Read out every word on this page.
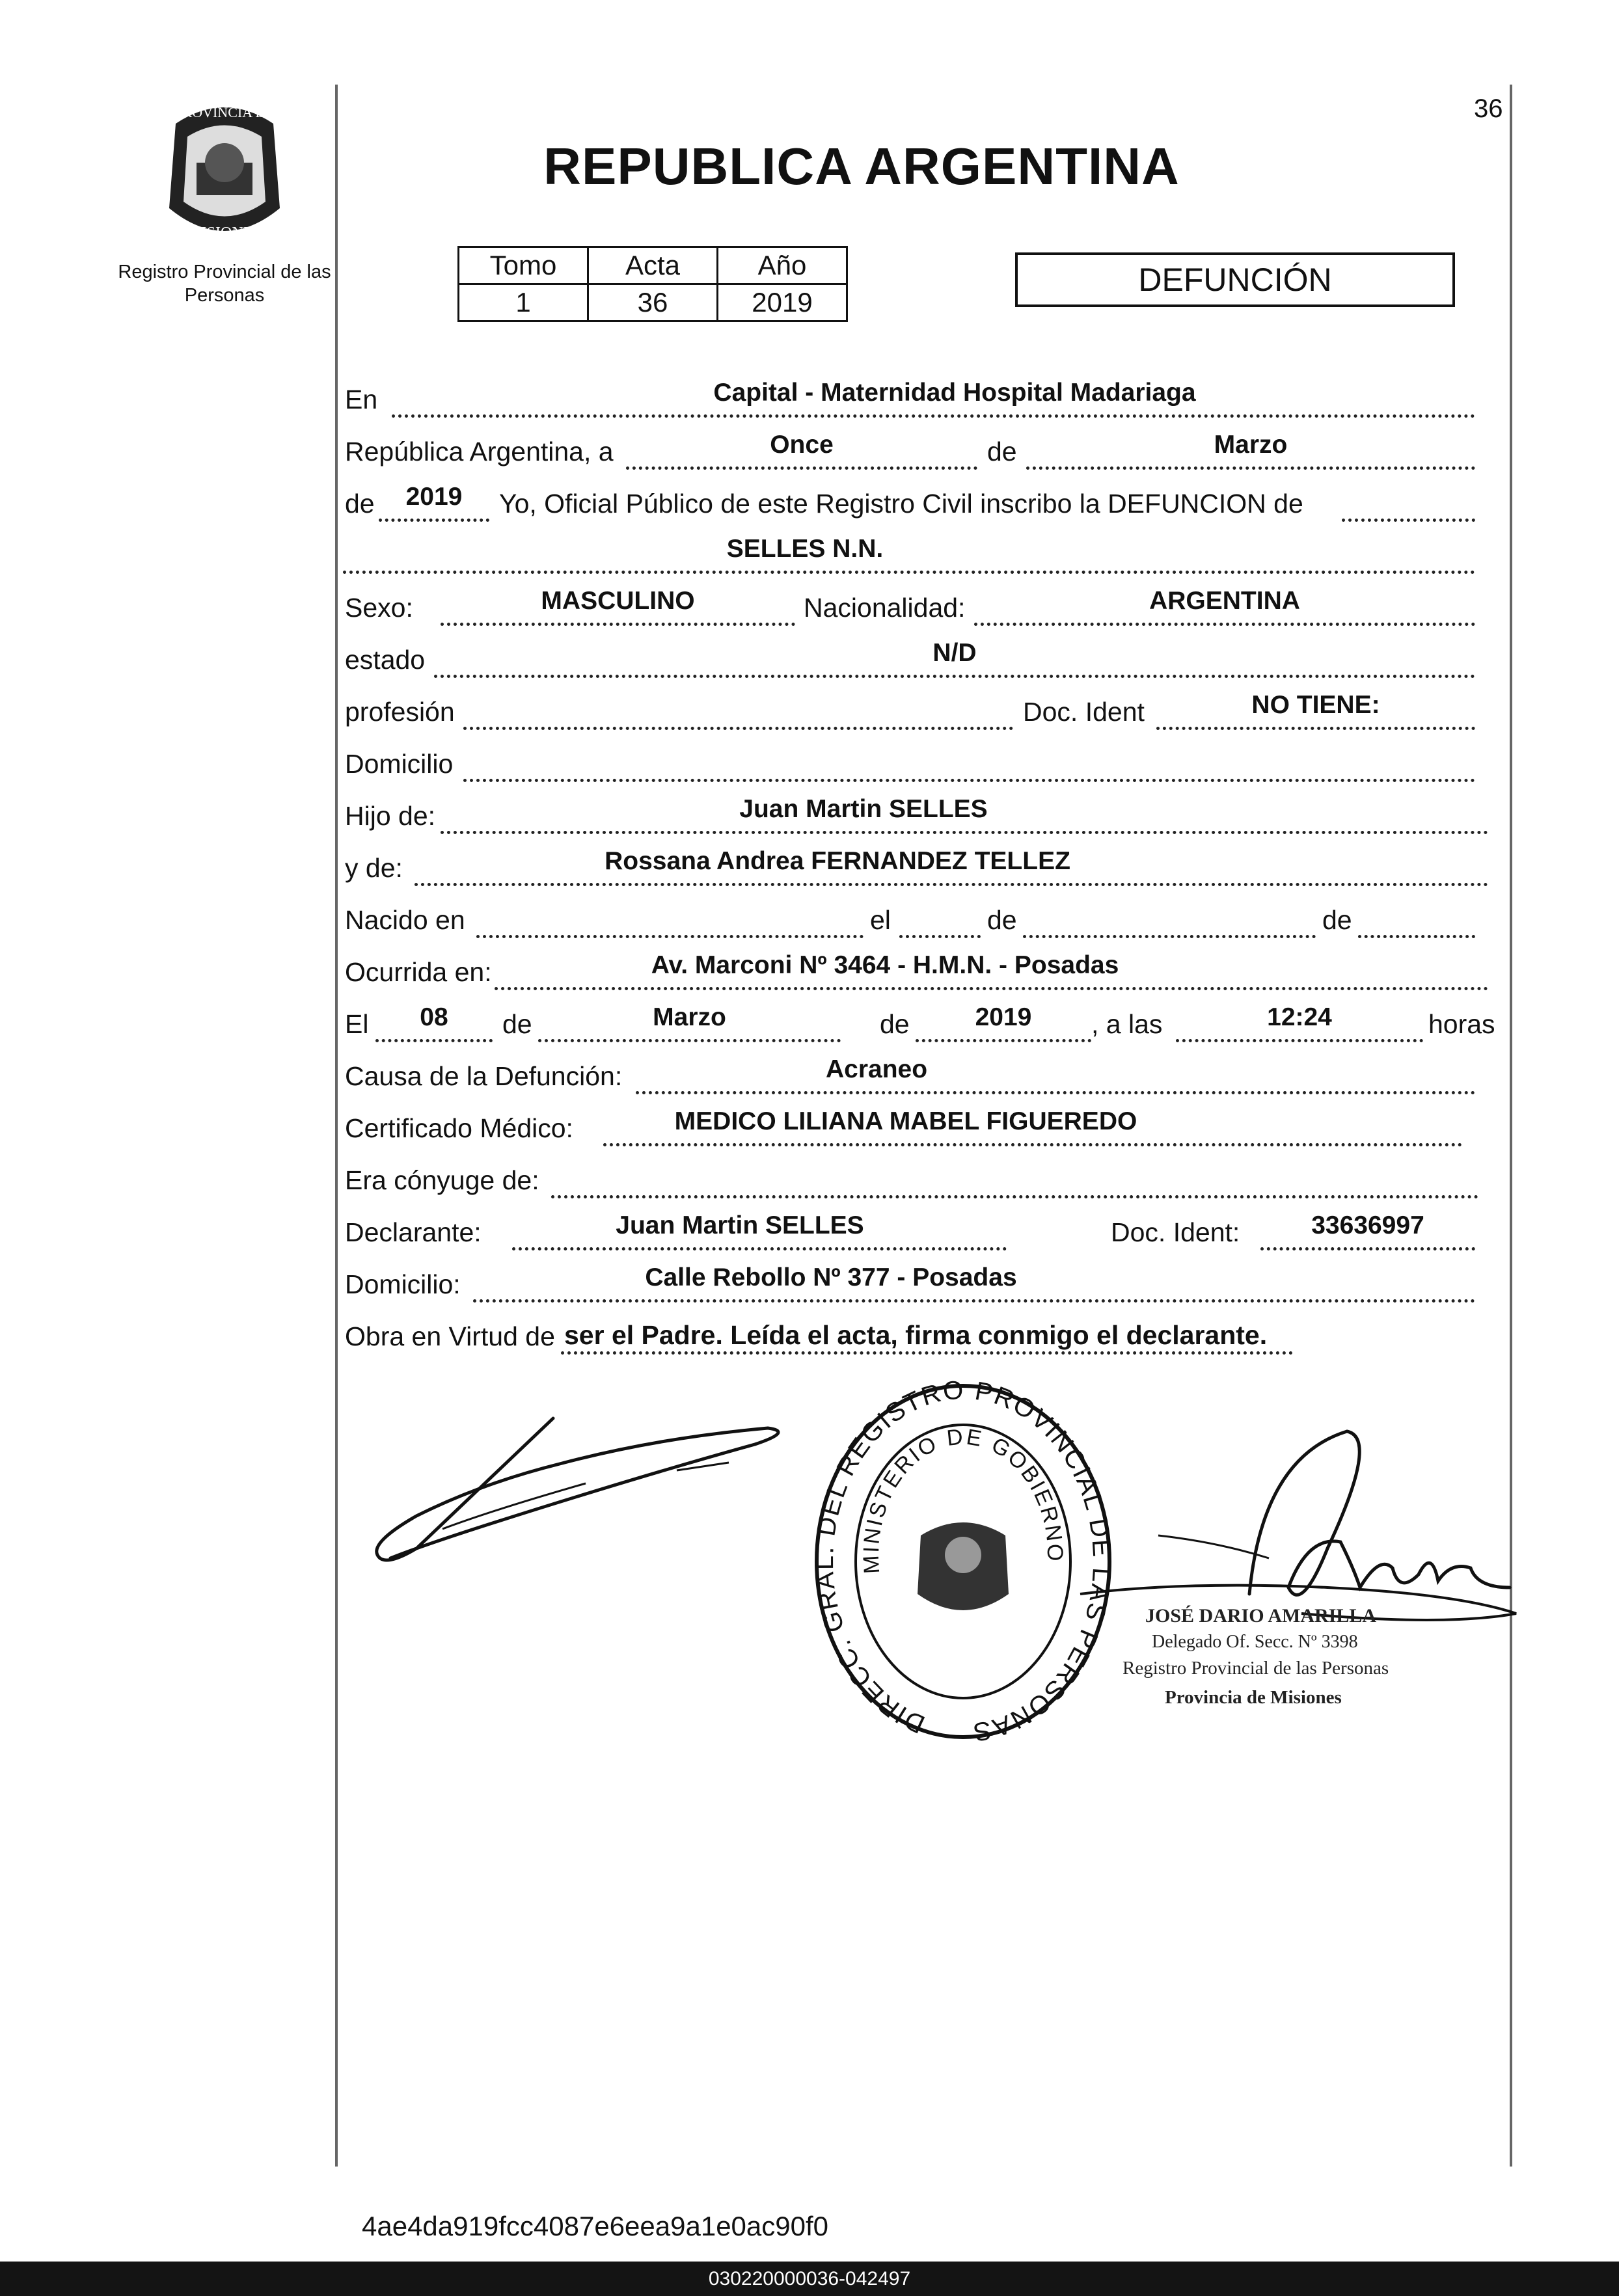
36
PROVINCIA DE
MISIONES
Registro Provincial de las Personas
REPUBLICA ARGENTINA
Tomo	Acta	Año
1	36	2019
DEFUNCIÓN
En	Capital - Maternidad Hospital Madariaga
República Argentina, a	Once	de	Marzo
de	2019	Yo, Oficial Público de este Registro Civil inscribo la DEFUNCION de
SELLES N.N.
Sexo:	MASCULINO	Nacionalidad:	ARGENTINA
estado	N/D
profesión	Doc. Ident	NO TIENE:
Domicilio
Hijo de:	Juan Martin SELLES
y de:	Rossana Andrea FERNANDEZ TELLEZ
Nacido en	el	de	de
Ocurrida en:	Av. Marconi Nº 3464 - H.M.N. - Posadas
El	08	de	Marzo	de	2019	, a las	12:24	horas
Causa de la Defunción:	Acraneo
Certificado Médico:	MEDICO LILIANA MABEL FIGUEREDO
Era cónyuge de:
Declarante:	Juan Martin SELLES	Doc. Ident:	33636997
Domicilio:	Calle Rebollo Nº 377 - Posadas
Obra en Virtud de ser el Padre. Leída el acta, firma conmigo el declarante.
DIRECC. GRAL. DEL REGISTRO PROVINCIAL DE LAS PERSONAS
MINISTERIO DE GOBIERNO
JOSÉ DARIO AMARILLA
Delegado Of. Secc. Nº 3398
Registro Provincial de las Personas
Provincia de Misiones
4ae4da919fcc4087e6eea9a1e0ac90f0
030220000036-042497
